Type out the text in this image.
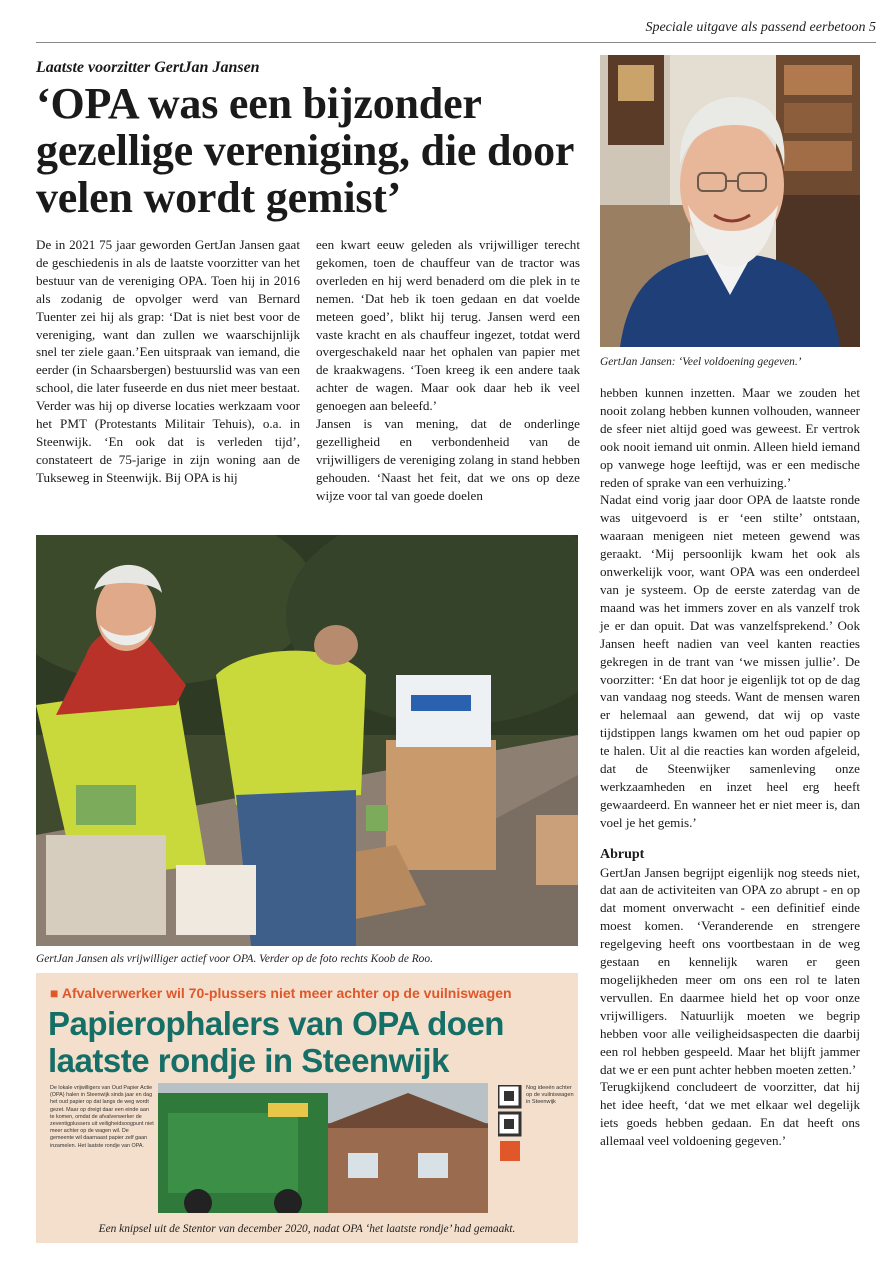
Speciale uitgave als passend eerbetoon 5
Laatste voorzitter GertJan Jansen
‘OPA was een bijzonder gezellige vereniging, die door velen wordt gemist’

De in 2021 75 jaar geworden GertJan Jansen gaat de geschiedenis in als de laatste voorzitter van het bestuur van de vereniging OPA. Toen hij in 2016 als zodanig de opvolger werd van Bernard Tuenter zei hij als grap: ‘Dat is niet best voor de vereniging, want dan zullen we waarschijnlijk snel ter ziele gaan.’Een uitspraak van iemand, die eerder (in Schaarsbergen) bestuurslid was van een school, die later fuseerde en dus niet meer bestaat. Verder was hij op diverse locaties werkzaam voor het PMT (Protestants Militair Tehuis), o.a. in Steenwijk. ‘En ook dat is verleden tijd’, constateert de 75-jarige in zijn woning aan de Tukseweg in Steenwijk. Bij OPA is hij

een kwart eeuw geleden als vrijwilliger terecht gekomen, toen de chauffeur van de tractor was overleden en hij werd benaderd om die plek in te nemen. ‘Dat heb ik toen gedaan en dat voelde meteen goed’, blikt hij terug. Jansen werd een vaste kracht en als chauffeur ingezet, totdat werd overgeschakeld naar het ophalen van papier met de kraakwagens. ‘Toen kreeg ik een andere taak achter de wagen. Maar ook daar heb ik veel genoegen aan beleefd.’

Jansen is van mening, dat de onderlinge gezelligheid en verbondenheid van de vrijwilligers de vereniging zolang in stand hebben gehouden. ‘Naast het feit, dat we ons op deze wijze voor tal van goede doelen

GertJan Jansen: ‘Veel voldoening gegeven.’

hebben kunnen inzetten. Maar we zouden het nooit zolang hebben kunnen volhouden, wanneer de sfeer niet altijd goed was geweest. Er vertrok ook nooit iemand uit onmin. Alleen hield iemand op vanwege hoge leeftijd, was er een medische reden of sprake van een verhuizing.’

Nadat eind vorig jaar door OPA de laatste ronde was uitgevoerd is er ‘een stilte’ ontstaan, waaraan menigeen niet meteen gewend was geraakt. ‘Mij persoonlijk kwam het ook als onwerkelijk voor, want OPA was een onderdeel van je systeem. Op de eerste zaterdag van de maand was het immers zover en als vanzelf trok je er dan opuit. Dat was vanzelfsprekend.’ Ook Jansen heeft nadien van veel kanten reacties gekregen in de trant van ‘we missen jullie’. De voorzitter: ‘En dat hoor je eigenlijk tot op de dag van vandaag nog steeds. Want de mensen waren er helemaal aan gewend, dat wij op vaste tijdstippen langs kwamen om het oud papier op te halen. Uit al die reacties kan worden afgeleid, dat de Steenwijker samenleving onze werkzaamheden en inzet heel erg heeft gewaardeerd. En wanneer het er niet meer is, dan voel je het gemis.’

Abrupt

GertJan Jansen begrijpt eigenlijk nog steeds niet, dat aan de activiteiten van OPA zo abrupt - en op dat moment onverwacht - een definitief einde moest komen. ‘Veranderende en strengere regelgeving heeft ons voortbestaan in de weg gestaan en kennelijk waren er geen mogelijkheden meer om ons een rol te laten vervullen. En daarmee hield het op voor onze vrijwilligers. Natuurlijk moeten we begrip hebben voor alle veiligheidsaspecten die daarbij een rol hebben gespeeld. Maar het blijft jammer dat we er een punt achter hebben moeten zetten.’

Terugkijkend concludeert de voorzitter, dat hij het idee heeft, ‘dat we met elkaar wel degelijk iets goeds hebben gedaan. En dat heeft ons allemaal veel voldoening gegeven.’

GertJan Jansen als vrijwilliger actief voor OPA. Verder op de foto rechts Koob de Roo.
■ Afvalverwerker wil 70-plussers niet meer achter op de vuilniswagen
Papierophalers van OPA doen laatste rondje in Steenwijk
De lokale vrijwilligers van Oud Papier Actie (OPA) halen in Steenwijk sinds jaar en dag het oud papier op dat langs de weg wordt gezet. Maar op dreigt daar een einde aan te komen, omdat de afvalverwerker de zeventigplussers uit veiligheidsoogpunt niet meer achter op de wagen wil. De gemeente wil daarnaast papier zelf gaan inzamelen. Het laatste rondje van OPA.
Nog ideeën achter op de vuilniswagen in Steenwijk
Een knipsel uit de Stentor van december 2020, nadat OPA ‘het laatste rondje’ had gemaakt.
